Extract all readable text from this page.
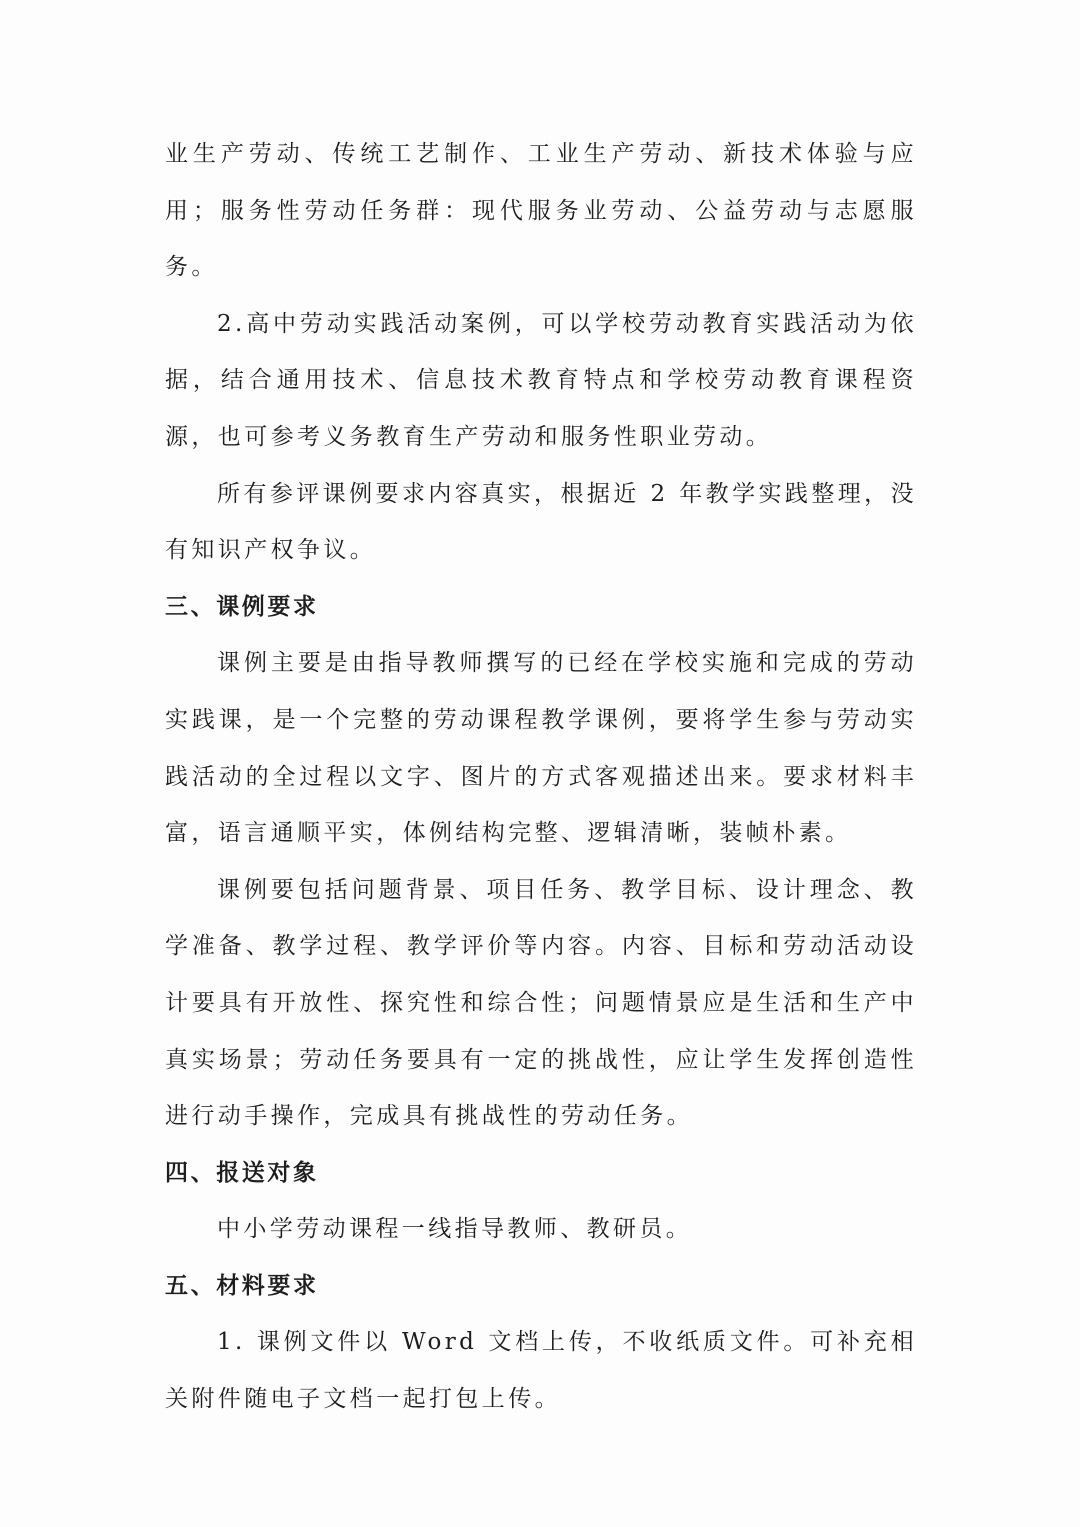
业生产劳动、传统工艺制作、工业生产劳动、新技术体验与应用；服务性劳动任务群：现代服务业劳动、公益劳动与志愿服务。

2.高中劳动实践活动案例，可以学校劳动教育实践活动为依据，结合通用技术、信息技术教育特点和学校劳动教育课程资源，也可参考义务教育生产劳动和服务性职业劳动。

所有参评课例要求内容真实，根据近 2 年教学实践整理，没有知识产权争议。

三、课例要求

课例主要是由指导教师撰写的已经在学校实施和完成的劳动实践课，是一个完整的劳动课程教学课例，要将学生参与劳动实践活动的全过程以文字、图片的方式客观描述出来。要求材料丰富，语言通顺平实，体例结构完整、逻辑清晰，装帧朴素。

课例要包括问题背景、项目任务、教学目标、设计理念、教学准备、教学过程、教学评价等内容。内容、目标和劳动活动设计要具有开放性、探究性和综合性；问题情景应是生活和生产中真实场景；劳动任务要具有一定的挑战性，应让学生发挥创造性进行动手操作，完成具有挑战性的劳动任务。

四、报送对象

中小学劳动课程一线指导教师、教研员。

五、材料要求

1. 课例文件以 Word 文档上传，不收纸质文件。可补充相关附件随电子文档一起打包上传。
